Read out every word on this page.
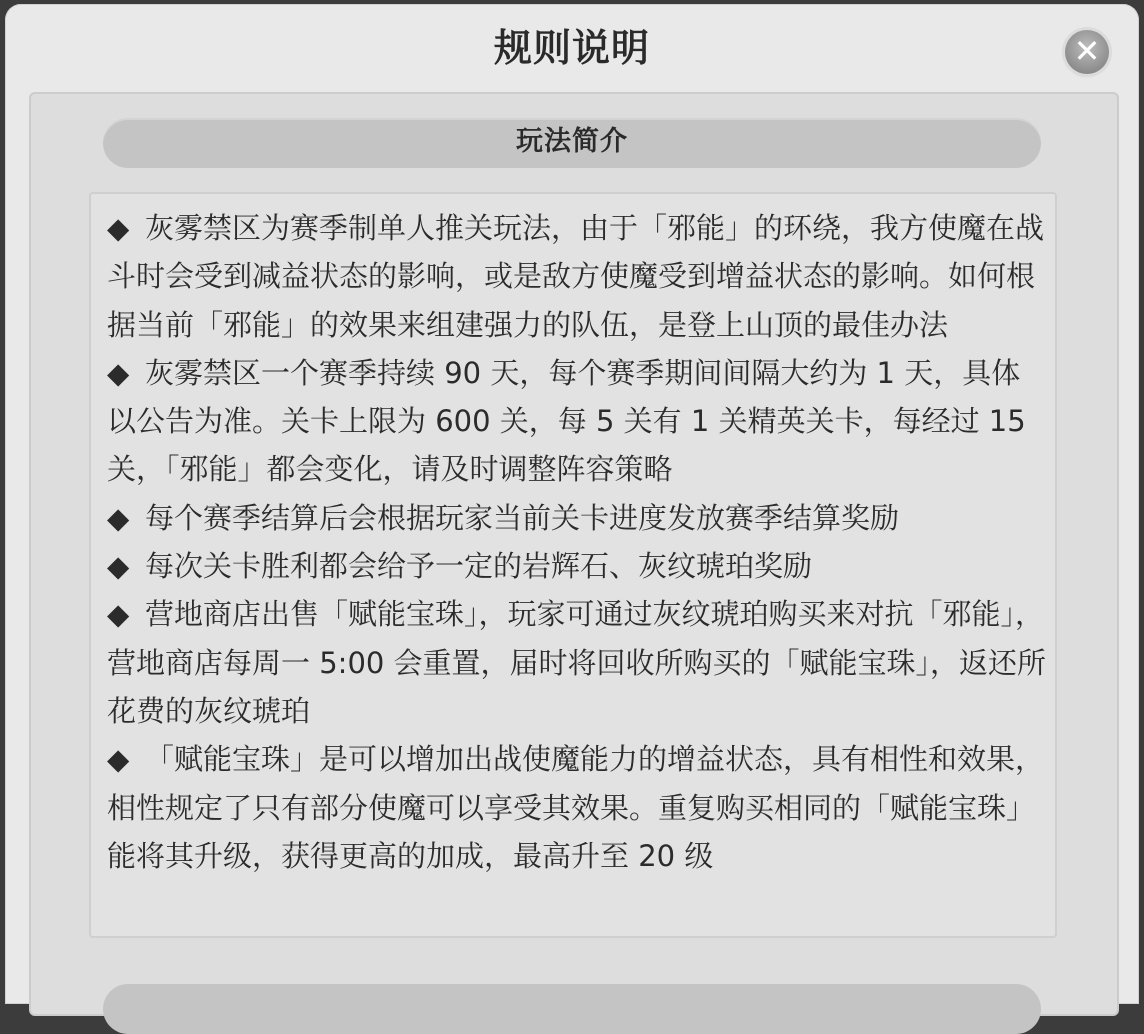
规则说明	✕
玩法简介
◆ 灰雾禁区为赛季制单人推关玩法，由于「邪能」的环绕，我方使魔在战斗时会受到减益状态的影响，或是敌方使魔受到增益状态的影响。如何根据当前「邪能」的效果来组建强力的队伍，是登上山顶的最佳办法
◆ 灰雾禁区一个赛季持续 90 天，每个赛季期间间隔大约为 1 天，具体以公告为准。关卡上限为 600 关，每 5 关有 1 关精英关卡，每经过 15 关，「邪能」都会变化，请及时调整阵容策略
◆ 每个赛季结算后会根据玩家当前关卡进度发放赛季结算奖励
◆ 每次关卡胜利都会给予一定的岩辉石、灰纹琥珀奖励
◆ 营地商店出售「赋能宝珠」，玩家可通过灰纹琥珀购买来对抗「邪能」，营地商店每周一 5:00 会重置，届时将回收所购买的「赋能宝珠」，返还所花费的灰纹琥珀
◆ 「赋能宝珠」是可以增加出战使魔能力的增益状态，具有相性和效果，相性规定了只有部分使魔可以享受其效果。重复购买相同的「赋能宝珠」能将其升级，获得更高的加成，最高升至 20 级
